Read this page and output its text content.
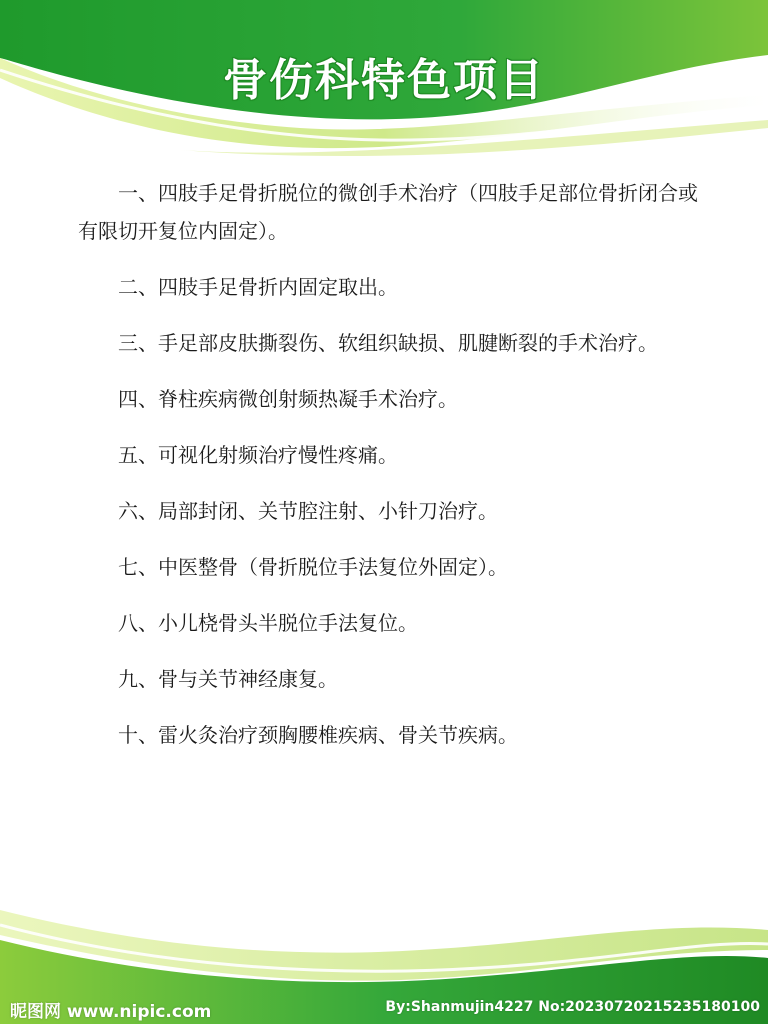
骨伤科特色项目

一、四肢手足骨折脱位的微创手术治疗（四肢手足部位骨折闭合或有限切开复位内固定）。

二、四肢手足骨折内固定取出。

三、手足部皮肤撕裂伤、软组织缺损、肌腱断裂的手术治疗。

四、脊柱疾病微创射频热凝手术治疗。

五、可视化射频治疗慢性疼痛。

六、局部封闭、关节腔注射、小针刀治疗。

七、中医整骨（骨折脱位手法复位外固定）。

八、小儿桡骨头半脱位手法复位。

九、骨与关节神经康复。

十、雷火灸治疗颈胸腰椎疾病、骨关节疾病。

昵图网 www.nipic.com	By:Shanmujin4227 No:20230720215235180100
